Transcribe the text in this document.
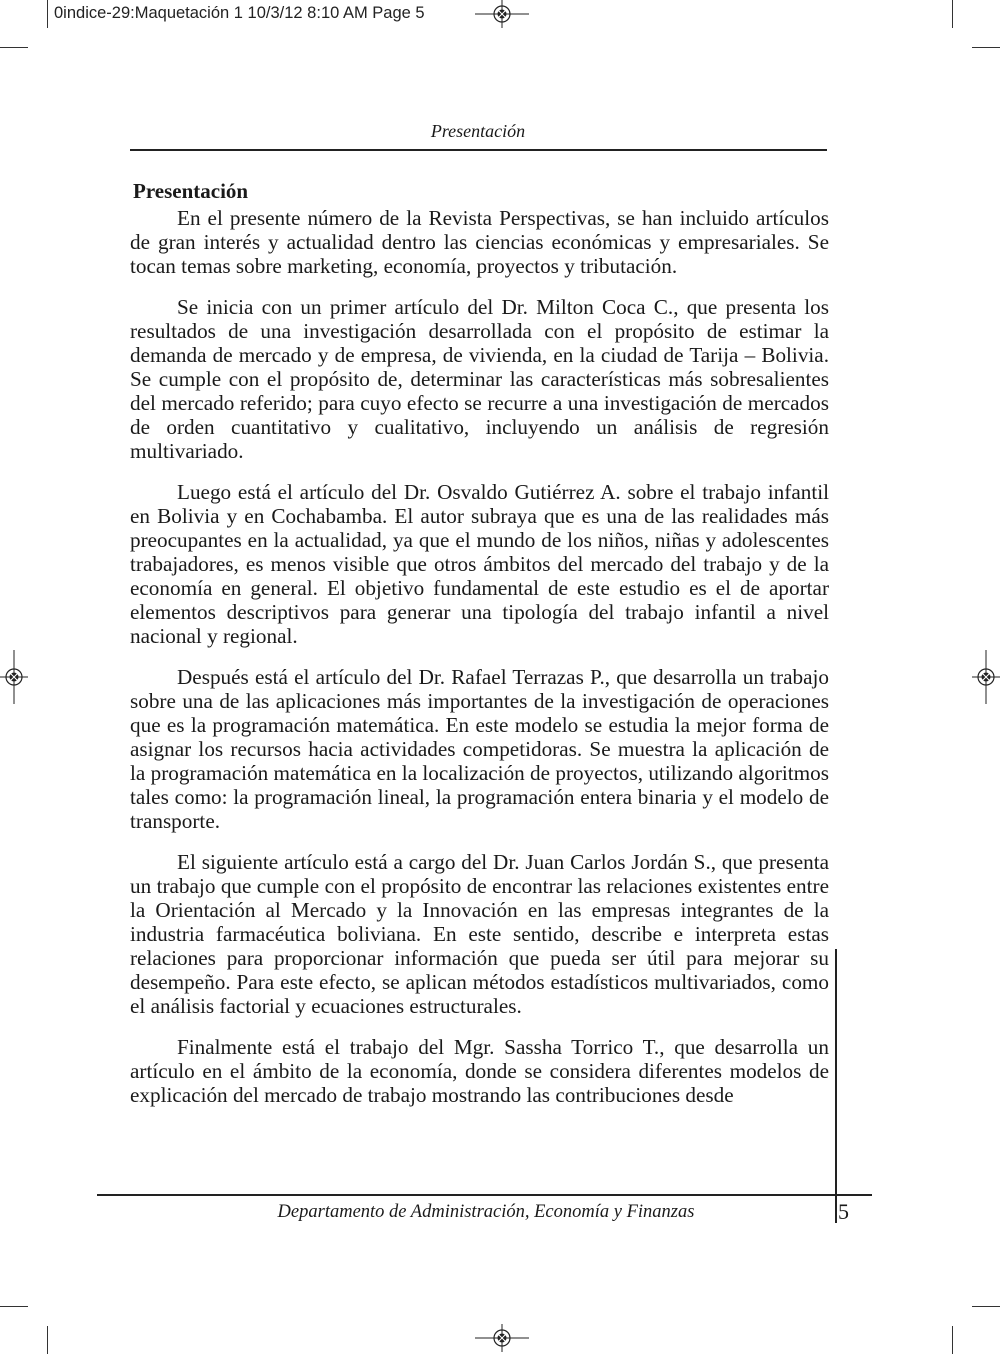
0indice-29:Maquetación 1 10/3/12 8:10 AM Page 5
Presentación
Presentación

En el presente número de la Revista Perspectivas, se han incluido artículos de gran interés y actualidad dentro las ciencias económicas y empresariales. Se tocan temas sobre marketing, economía, proyectos y tributación.

Se inicia con un primer artículo del Dr. Milton Coca C., que presenta los resultados de una investigación desarrollada con el propósito de estimar la demanda de mercado y de empresa, de vivienda, en la ciudad de Tarija – Bolivia. Se cumple con el propósito de, determinar las características más sobresalientes del mercado referido; para cuyo efecto se recurre a una investigación de mercados de orden cuantitativo y cualitativo, incluyendo un análisis de regresión multivariado.

Luego está el artículo del Dr. Osvaldo Gutiérrez A. sobre el trabajo infantil en Bolivia y en Cochabamba. El autor subraya que es una de las realidades más preocupantes en la actualidad, ya que el mundo de los niños, niñas y adolescentes trabajadores, es menos visible que otros ámbitos del mercado del trabajo y de la economía en general. El objetivo fundamental de este estudio es el de aportar elementos descriptivos para generar una tipología del trabajo infantil a nivel nacional y regional.

Después está el artículo del Dr. Rafael Terrazas P., que desarrolla un trabajo sobre una de las aplicaciones más importantes de la investigación de operaciones que es la programación matemática. En este modelo se estudia la mejor forma de asignar los recursos hacia actividades competidoras. Se muestra la aplicación de la programación matemática en la localización de proyectos, utilizando algoritmos tales como: la programación lineal, la programación entera binaria y el modelo de transporte.

El siguiente artículo está a cargo del Dr. Juan Carlos Jordán S., que presenta un trabajo que cumple con el propósito de encontrar las relaciones existentes entre la Orientación al Mercado y la Innovación en las empresas integrantes de la industria farmacéutica boliviana. En este sentido, describe e interpreta estas relaciones para proporcionar información que pueda ser útil para mejorar su desempeño. Para este efecto, se aplican métodos estadísticos multivariados, como el análisis factorial y ecuaciones estructurales.

Finalmente está el trabajo del Mgr. Sassha Torrico T., que desarrolla un artículo en el ámbito de la economía, donde se considera diferentes modelos de explicación del mercado de trabajo mostrando las contribuciones desde

Departamento de Administración, Economía y Finanzas	5
